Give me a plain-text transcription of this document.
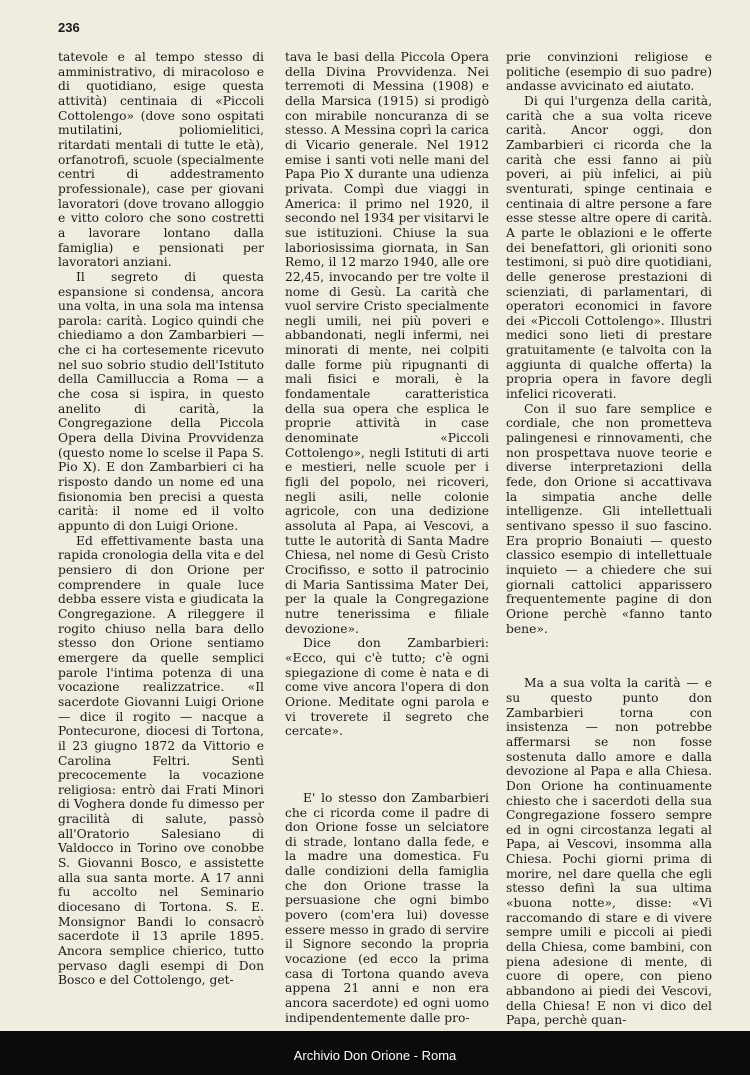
236

tatevole e al tempo stesso di amministrativo, di miracoloso e di quotidiano, esige questa attività) centinaia di «Piccoli Cottolengo» (dove sono ospitati mutilatini, poliomielitici, ritardati mentali di tutte le età), orfanotrofi, scuole (specialmente centri di addestramento professionale), case per giovani lavoratori (dove trovano alloggio e vitto coloro che sono costretti a lavorare lontano dalla famiglia) e pensionati per lavoratori anziani.

Il segreto di questa espansione si condensa, ancora una volta, in una sola ma intensa parola: carità. Logico quindi che chiediamo a don Zambarbieri — che ci ha cortesemente ricevuto nel suo sobrio studio dell'Istituto della Camilluccia a Roma — a che cosa si ispira, in questo anelito di carità, la Congregazione della Piccola Opera della Divina Provvidenza (questo nome lo scelse il Papa S. Pio X). E don Zambarbieri ci ha risposto dando un nome ed una fisionomia ben precisi a questa carità: il nome ed il volto appunto di don Luigi Orione.

Ed effettivamente basta una rapida cronologia della vita e del pensiero di don Orione per comprendere in quale luce debba essere vista e giudicata la Congregazione. A rileggere il rogito chiuso nella bara dello stesso don Orione sentiamo emergere da quelle semplici parole l'intima potenza di una vocazione realizzatrice. «Il sacerdote Giovanni Luigi Orione — dice il rogito — nacque a Pontecurone, diocesi di Tortona, il 23 giugno 1872 da Vittorio e Carolina Feltri. Sentì precocemente la vocazione religiosa: entrò dai Frati Minori di Voghera donde fu dimesso per gracilità di salute, passò all'Oratorio Salesiano di Valdocco in Torino ove conobbe S. Giovanni Bosco, e assistette alla sua santa morte. A 17 anni fu accolto nel Seminario diocesano di Tortona. S. E. Monsignor Bandi lo consacrò sacerdote il 13 aprile 1895. Ancora semplice chierico, tutto pervaso dagli esempi di Don Bosco e del Cottolengo, get-

tava le basi della Piccola Opera della Divina Provvidenza. Nei terremoti di Messina (1908) e della Marsica (1915) si prodigò con mirabile noncuranza di se stesso. A Messina coprì la carica di Vicario generale. Nel 1912 emise i santi voti nelle mani del Papa Pio X durante una udienza privata. Compì due viaggi in America: il primo nel 1920, il secondo nel 1934 per visitarvi le sue istituzioni. Chiuse la sua laboriosissima giornata, in San Remo, il 12 marzo 1940, alle ore 22,45, invocando per tre volte il nome di Gesù. La carità che vuol servire Cristo specialmente negli umili, nei più poveri e abbandonati, negli infermi, nei minorati di mente, nei colpiti dalle forme più ripugnanti di mali fisici e morali, è la fondamentale caratteristica della sua opera che esplica le proprie attività in case denominate «Piccoli Cottolengo», negli Istituti di arti e mestieri, nelle scuole per i figli del popolo, nei ricoveri, negli asili, nelle colonie agricole, con una dedizione assoluta al Papa, ai Vescovi, a tutte le autorità di Santa Madre Chiesa, nel nome di Gesù Cristo Crocifisso, e sotto il patrocinio di Maria Santissima Mater Dei, per la quale la Congregazione nutre tenerissima e filiale devozione».

Dice don Zambarbieri: «Ecco, qui c'è tutto; c'è ogni spiegazione di come è nata e di come vive ancora l'opera di don Orione. Meditate ogni parola e vi troverete il segreto che cercate».

E' lo stesso don Zambarbieri che ci ricorda come il padre di don Orione fosse un selciatore di strade, lontano dalla fede, e la madre una domestica. Fu dalle condizioni della famiglia che don Orione trasse la persuasione che ogni bimbo povero (com'era lui) dovesse essere messo in grado di servire il Signore secondo la propria vocazione (ed ecco la prima casa di Tortona quando aveva appena 21 anni e non era ancora sacerdote) ed ogni uomo indipendentemente dalle pro-

prie convinzioni religiose e politiche (esempio di suo padre) andasse avvicinato ed aiutato.

Di qui l'urgenza della carità, carità che a sua volta riceve carità. Ancor oggi, don Zambarbieri ci ricorda che la carità che essi fanno ai più poveri, ai più infelici, ai più sventurati, spinge centinaia e centinaia di altre persone a fare esse stesse altre opere di carità. A parte le oblazioni e le offerte dei benefattori, gli orioniti sono testimoni, si può dire quotidiani, delle generose prestazioni di scienziati, di parlamentari, di operatori economici in favore dei «Piccoli Cottolengo». Illustri medici sono lieti di prestare gratuitamente (e talvolta con la aggiunta di qualche offerta) la propria opera in favore degli infelici ricoverati.

Con il suo fare semplice e cordiale, che non prometteva palingenesi e rinnovamenti, che non prospettava nuove teorie e diverse interpretazioni della fede, don Orione si accattivava la simpatia anche delle intelligenze. Gli intellettuali sentivano spesso il suo fascino. Era proprio Bonaiuti — questo classico esempio di intellettuale inquieto — a chiedere che sui giornali cattolici apparissero frequentemente pagine di don Orione perchè «fanno tanto bene».

Ma a sua volta la carità — e su questo punto don Zambarbieri torna con insistenza — non potrebbe affermarsi se non fosse sostenuta dallo amore e dalla devozione al Papa e alla Chiesa. Don Orione ha continuamente chiesto che i sacerdoti della sua Congregazione fossero sempre ed in ogni circostanza legati al Papa, ai Vescovi, insomma alla Chiesa. Pochi giorni prima di morire, nel dare quella che egli stesso definì la sua ultima «buona notte», disse: «Vi raccomando di stare e di vivere sempre umili e piccoli ai piedi della Chiesa, come bambini, con piena adesione di mente, di cuore di opere, con pieno abbandono ai piedi dei Vescovi, della Chiesa! E non vi dico del Papa, perchè quan-

Archivio Don Orione - Roma
